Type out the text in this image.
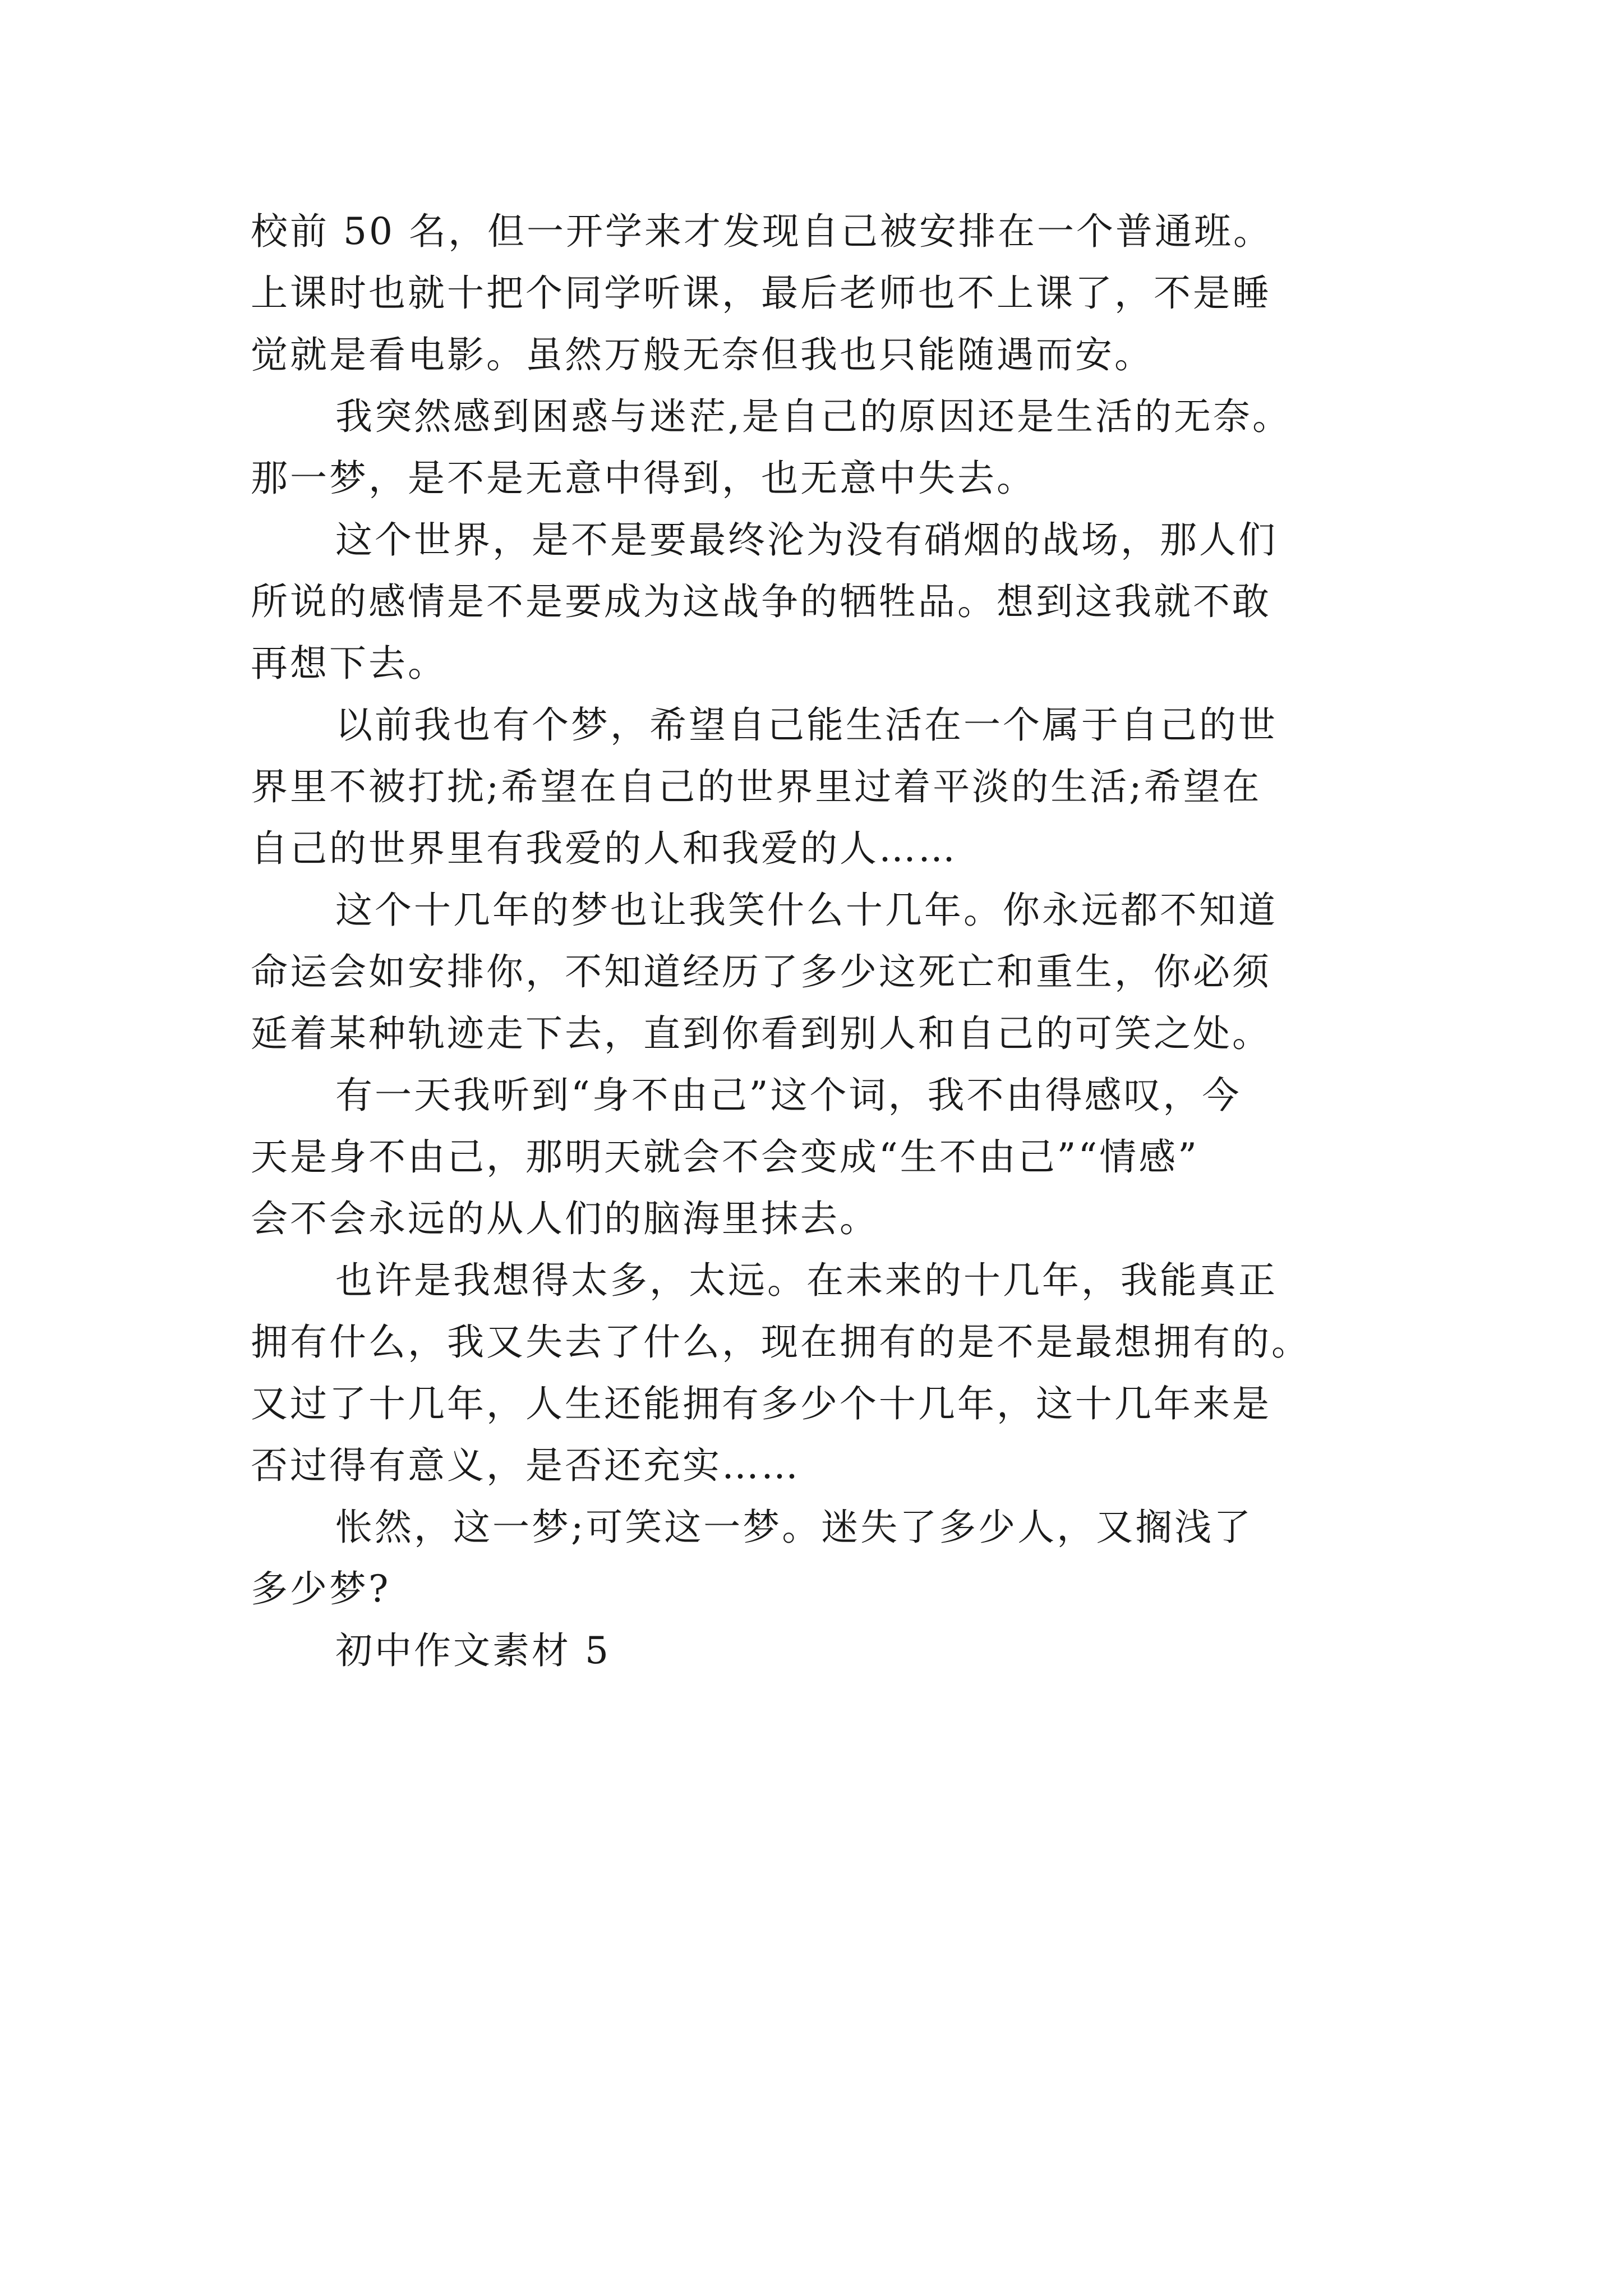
校前 50 名，但一开学来才发现自己被安排在一个普通班。
上课时也就十把个同学听课，最后老师也不上课了，不是睡
觉就是看电影。虽然万般无奈但我也只能随遇而安。

我突然感到困惑与迷茫,是自己的原因还是生活的无奈。
那一梦，是不是无意中得到，也无意中失去。

这个世界，是不是要最终沦为没有硝烟的战场，那人们
所说的感情是不是要成为这战争的牺牲品。想到这我就不敢
再想下去。

以前我也有个梦，希望自己能生活在一个属于自己的世
界里不被打扰;希望在自己的世界里过着平淡的生活;希望在
自己的世界里有我爱的人和我爱的人……

这个十几年的梦也让我笑什么十几年。你永远都不知道
命运会如安排你，不知道经历了多少这死亡和重生，你必须
延着某种轨迹走下去，直到你看到别人和自己的可笑之处。

有一天我听到“身不由己”这个词，我不由得感叹，今
天是身不由己，那明天就会不会变成“生不由己”“情感”
会不会永远的从人们的脑海里抹去。

也许是我想得太多，太远。在未来的十几年，我能真正
拥有什么，我又失去了什么，现在拥有的是不是最想拥有的。
又过了十几年，人生还能拥有多少个十几年，这十几年来是
否过得有意义，是否还充实……

怅然，这一梦;可笑这一梦。迷失了多少人，又搁浅了
多少梦?

初中作文素材 5
